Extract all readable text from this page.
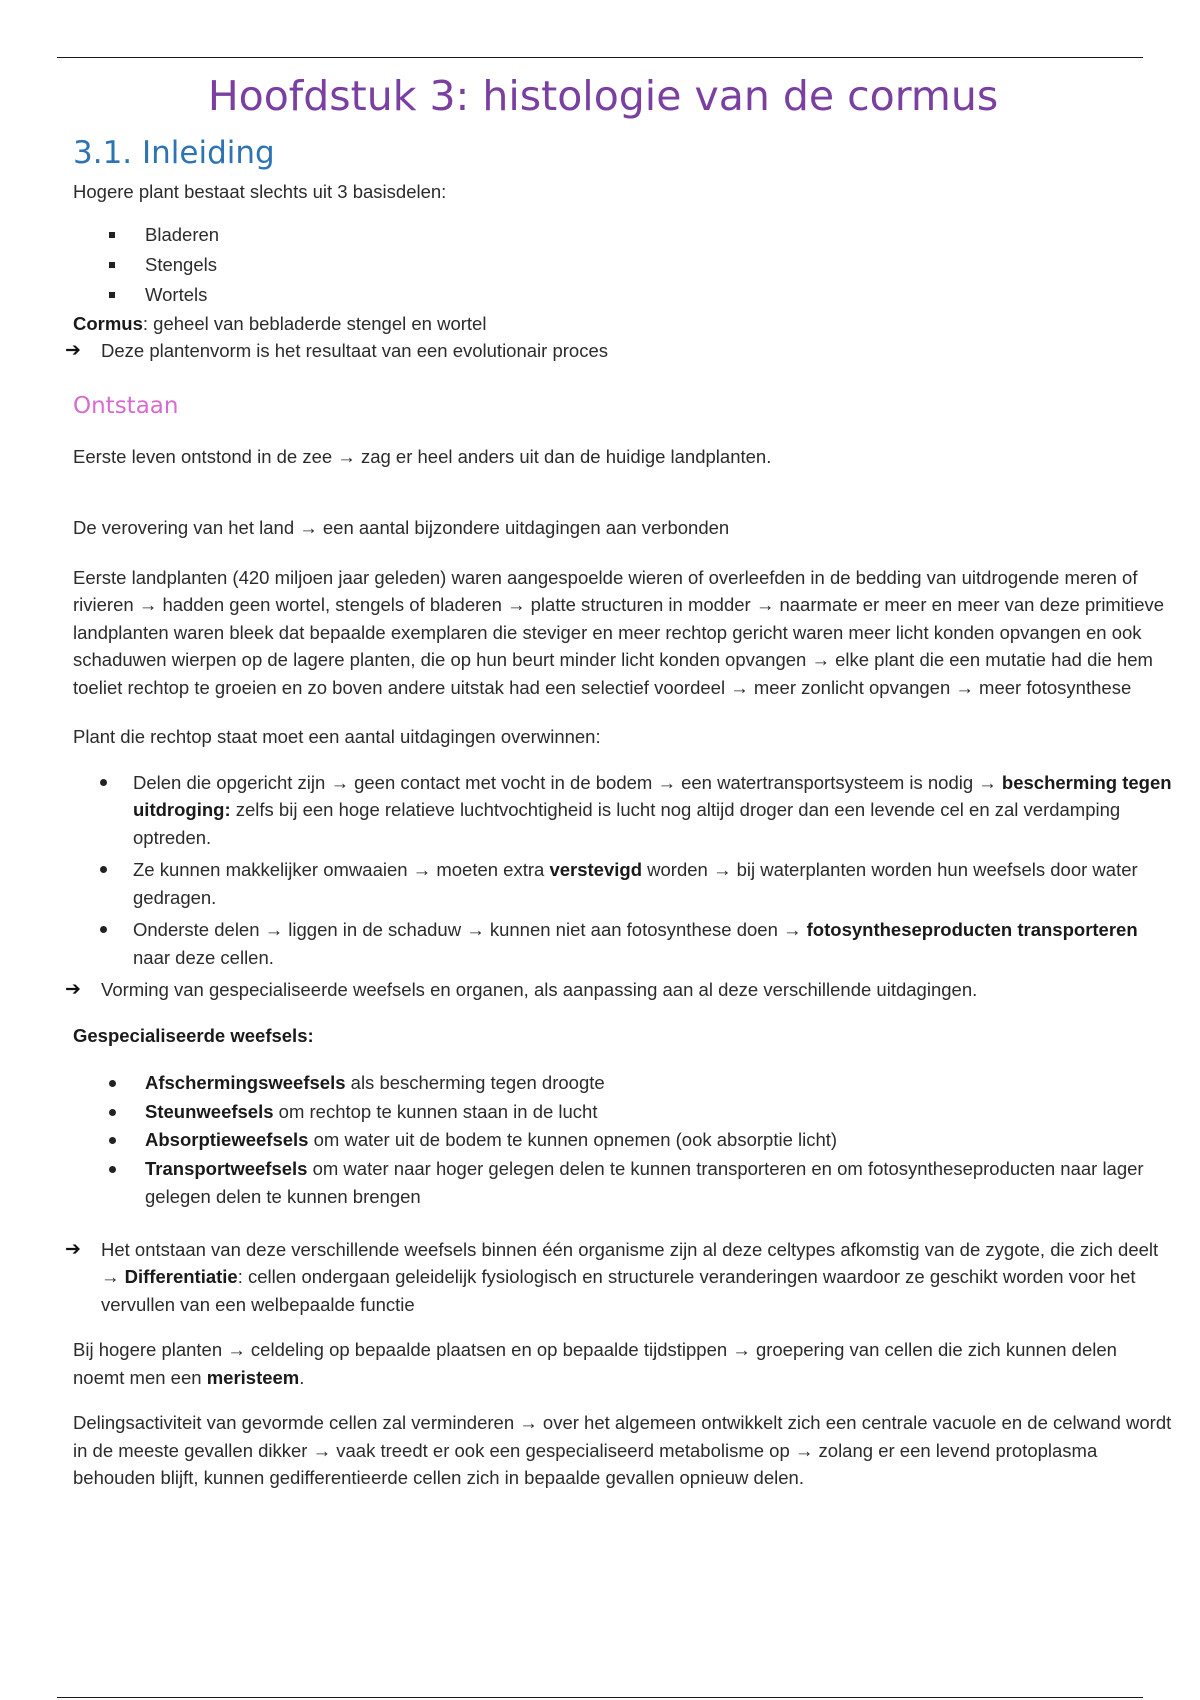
Hoofdstuk 3: histologie van de cormus
3.1. Inleiding

Hogere plant bestaat slechts uit 3 basisdelen:

Bladeren
Stengels
Wortels

Cormus: geheel van bebladerde stengel en wortel

➔ Deze plantenvorm is het resultaat van een evolutionair proces
Ontstaan

Eerste leven ontstond in de zee → zag er heel anders uit dan de huidige landplanten.

De verovering van het land → een aantal bijzondere uitdagingen aan verbonden

Eerste landplanten (420 miljoen jaar geleden) waren aangespoelde wieren of overleefden in de bedding van uitdrogende meren of rivieren → hadden geen wortel, stengels of bladeren → platte structuren in modder → naarmate er meer en meer van deze primitieve landplanten waren bleek dat bepaalde exemplaren die steviger en meer rechtop gericht waren meer licht konden opvangen en ook schaduwen wierpen op de lagere planten, die op hun beurt minder licht konden opvangen → elke plant die een mutatie had die hem toeliet rechtop te groeien en zo boven andere uitstak had een selectief voordeel → meer zonlicht opvangen → meer fotosynthese

Plant die rechtop staat moet een aantal uitdagingen overwinnen:

Delen die opgericht zijn → geen contact met vocht in de bodem → een watertransportsysteem is nodig → bescherming tegen uitdroging: zelfs bij een hoge relatieve luchtvochtigheid is lucht nog altijd droger dan een levende cel en zal verdamping optreden.
Ze kunnen makkelijker omwaaien → moeten extra verstevigd worden → bij waterplanten worden hun weefsels door water gedragen.
Onderste delen → liggen in de schaduw → kunnen niet aan fotosynthese doen → fotosyntheseproducten transporteren naar deze cellen.
➔ Vorming van gespecialiseerde weefsels en organen, als aanpassing aan al deze verschillende uitdagingen.

Gespecialiseerde weefsels:

Afschermingsweefsels als bescherming tegen droogte
Steunweefsels om rechtop te kunnen staan in de lucht
Absorptieweefsels om water uit de bodem te kunnen opnemen (ook absorptie licht)
Transportweefsels om water naar hoger gelegen delen te kunnen transporteren en om fotosyntheseproducten naar lager gelegen delen te kunnen brengen
➔ Het ontstaan van deze verschillende weefsels binnen één organisme zijn al deze celtypes afkomstig van de zygote, die zich deelt → Differentiatie: cellen ondergaan geleidelijk fysiologisch en structurele veranderingen waardoor ze geschikt worden voor het vervullen van een welbepaalde functie

Bij hogere planten → celdeling op bepaalde plaatsen en op bepaalde tijdstippen → groepering van cellen die zich kunnen delen noemt men een meristeem.

Delingsactiviteit van gevormde cellen zal verminderen → over het algemeen ontwikkelt zich een centrale vacuole en de celwand wordt in de meeste gevallen dikker → vaak treedt er ook een gespecialiseerd metabolisme op → zolang er een levend protoplasma behouden blijft, kunnen gedifferentieerde cellen zich in bepaalde gevallen opnieuw delen.
